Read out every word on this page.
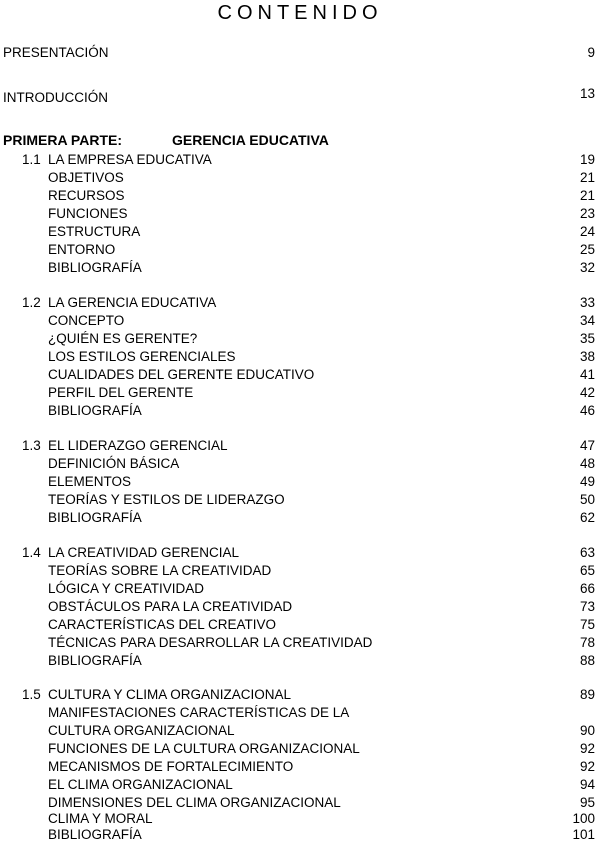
CONTENIDO
PRESENTACIÓN	9
INTRODUCCIÓN	13
PRIMERA PARTE:	GERENCIA EDUCATIVA
1.1 LA EMPRESA EDUCATIVA	19
OBJETIVOS	21
RECURSOS	21
FUNCIONES	23
ESTRUCTURA	24
ENTORNO	25
BIBLIOGRAFÍA	32
1.2 LA GERENCIA EDUCATIVA	33
CONCEPTO	34
¿QUIÉN ES GERENTE?	35
LOS ESTILOS GERENCIALES	38
CUALIDADES DEL GERENTE EDUCATIVO	41
PERFIL DEL GERENTE	42
BIBLIOGRAFÍA	46
1.3 EL LIDERAZGO GERENCIAL	47
DEFINICIÓN BÁSICA	48
ELEMENTOS	49
TEORÍAS Y ESTILOS DE LIDERAZGO	50
BIBLIOGRAFÍA	62
1.4 LA CREATIVIDAD GERENCIAL	63
TEORÍAS SOBRE LA CREATIVIDAD	65
LÓGICA Y CREATIVIDAD	66
OBSTÁCULOS PARA LA CREATIVIDAD	73
CARACTERÍSTICAS DEL CREATIVO	75
TÉCNICAS PARA DESARROLLAR LA CREATIVIDAD	78
BIBLIOGRAFÍA	88
1.5 CULTURA Y CLIMA ORGANIZACIONAL	89
MANIFESTACIONES CARACTERÍSTICAS DE LA
CULTURA ORGANIZACIONAL	90
FUNCIONES DE LA CULTURA ORGANIZACIONAL	92
MECANISMOS DE FORTALECIMIENTO	92
EL CLIMA ORGANIZACIONAL	94
DIMENSIONES DEL CLIMA ORGANIZACIONAL	95
CLIMA Y MORAL	100
BIBLIOGRAFÍA	101
